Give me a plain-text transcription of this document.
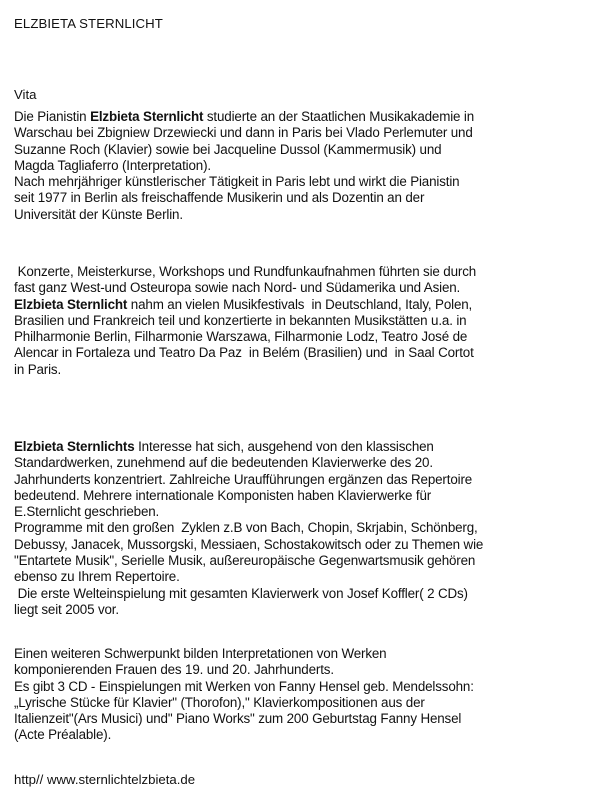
ELZBIETA STERNLICHT
Vita
Die Pianistin Elzbieta Sternlicht studierte an der Staatlichen Musikakademie in
Warschau bei Zbigniew Drzewiecki und dann in Paris bei Vlado Perlemuter und
Suzanne Roch (Klavier) sowie bei Jacqueline Dussol (Kammermusik) und
Magda Tagliaferro (Interpretation).
Nach mehrjähriger künstlerischer Tätigkeit in Paris lebt und wirkt die Pianistin
seit 1977 in Berlin als freischaffende Musikerin und als Dozentin an der
Universität der Künste Berlin.
Konzerte, Meisterkurse, Workshops und Rundfunkaufnahmen führten sie durch
fast ganz West-und Osteuropa sowie nach Nord- und Südamerika und Asien.
Elzbieta Sternlicht nahm an vielen Musikfestivals  in Deutschland, Italy, Polen,
Brasilien und Frankreich teil und konzertierte in bekannten Musikstätten u.a. in
Philharmonie Berlin, Filharmonie Warszawa, Filharmonie Lodz, Teatro José de
Alencar in Fortaleza und Teatro Da Paz  in Belém (Brasilien) und  in Saal Cortot
in Paris.
Elzbieta Sternlichts Interesse hat sich, ausgehend von den klassischen
Standardwerken, zunehmend auf die bedeutenden Klavierwerke des 20.
Jahrhunderts konzentriert. Zahlreiche Uraufführungen ergänzen das Repertoire
bedeutend. Mehrere internationale Komponisten haben Klavierwerke für
E.Sternlicht geschrieben.
Programme mit den großen  Zyklen z.B von Bach, Chopin, Skrjabin, Schönberg,
Debussy, Janacek, Mussorgski, Messiaen, Schostakowitsch oder zu Themen wie
"Entartete Musik", Serielle Musik, außereuropäische Gegenwartsmusik gehören
ebenso zu Ihrem Repertoire.
Die erste Welteinspielung mit gesamten Klavierwerk von Josef Koffler( 2 CDs)
liegt seit 2005 vor.
Einen weiteren Schwerpunkt bilden Interpretationen von Werken
komponierenden Frauen des 19. und 20. Jahrhunderts.
Es gibt 3 CD - Einspielungen mit Werken von Fanny Hensel geb. Mendelssohn:
„Lyrische Stücke für Klavier" (Thorofon)," Klavierkompositionen aus der
Italienzeit"(Ars Musici) und" Piano Works" zum 200 Geburtstag Fanny Hensel
(Acte Préalable).
http// www.sternlichtelzbieta.de
